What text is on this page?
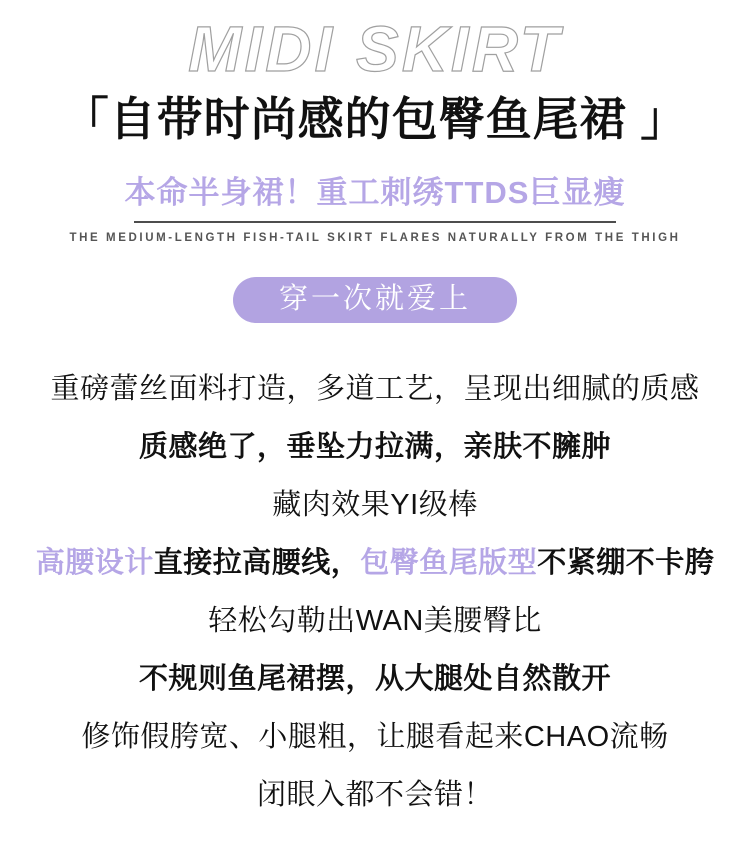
MIDI SKIRT
「自带时尚感的包臀鱼尾裙 」
本命半身裙！重工刺绣TTDS巨显瘦
THE MEDIUM-LENGTH FISH-TAIL SKIRT FLARES NATURALLY FROM THE THIGH
穿一次就爱上

重磅蕾丝面料打造，多道工艺，呈现出细腻的质感

质感绝了，垂坠力拉满，亲肤不臃肿

藏肉效果YI级棒

高腰设计直接拉高腰线，包臀鱼尾版型不紧绷不卡胯

轻松勾勒出WAN美腰臀比

不规则鱼尾裙摆，从大腿处自然散开

修饰假胯宽、小腿粗，让腿看起来CHAO流畅

闭眼入都不会错！
